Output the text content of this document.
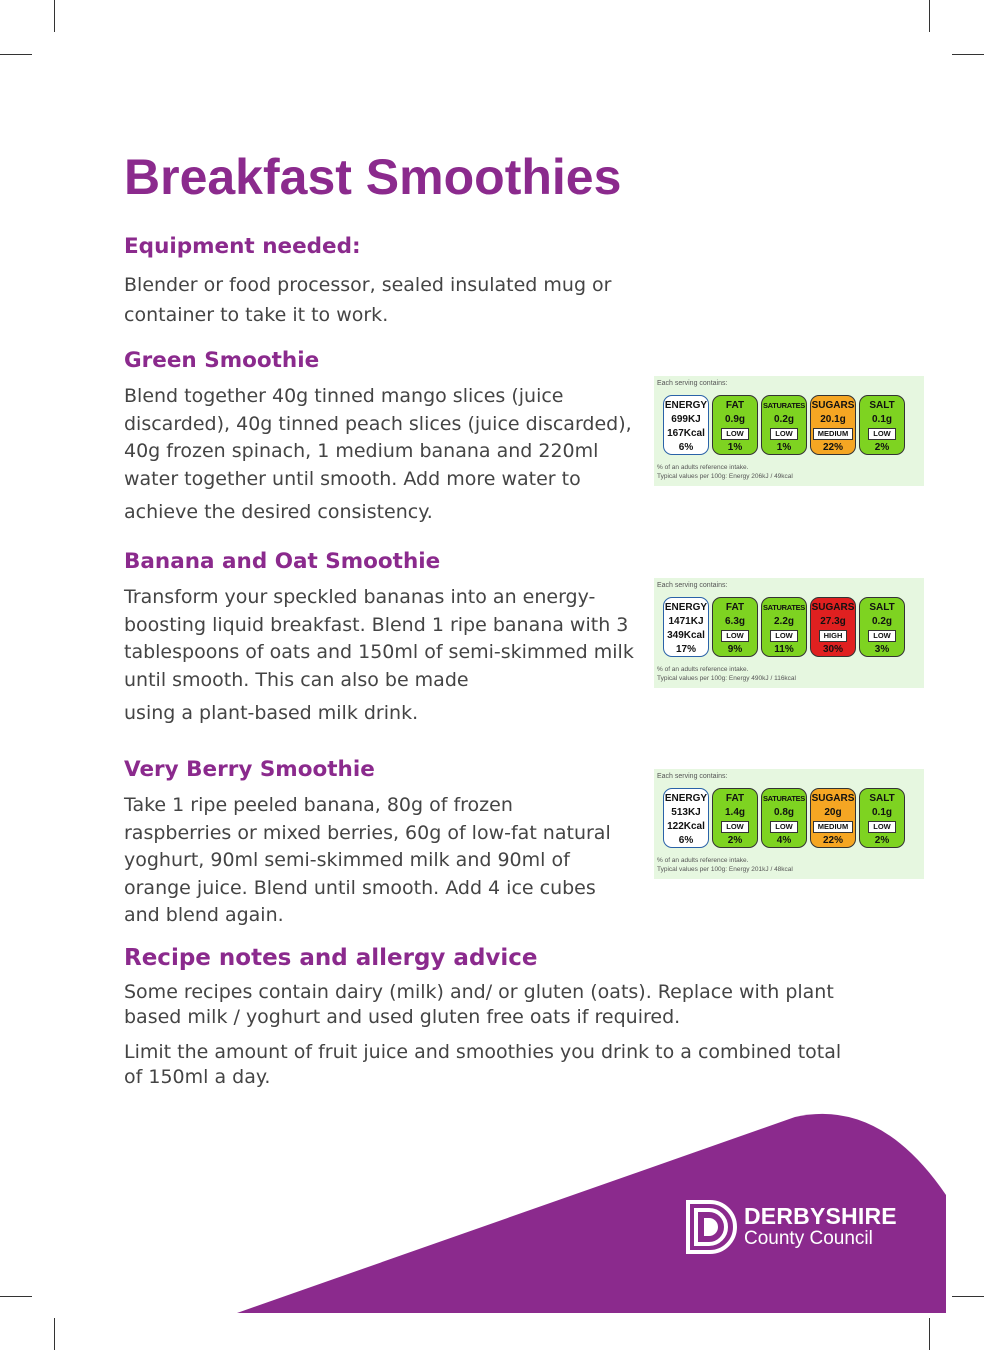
Breakfast Smoothies
Equipment needed:
Blender or food processor, sealed insulated mug or
container to take it to work.
Green Smoothie
Blend together 40g tinned mango slices (juice
discarded), 40g tinned peach slices (juice discarded),
40g frozen spinach, 1 medium banana and 220ml
water together until smooth. Add more water to
achieve the desired consistency.
Banana and Oat Smoothie
Transform your speckled bananas into an energy-
boosting liquid breakfast. Blend 1 ripe banana with 3
tablespoons of oats and 150ml of semi-skimmed milk
until smooth. This can also be made
using a plant-based milk drink.
Very Berry Smoothie
Take 1 ripe peeled banana, 80g of frozen
raspberries or mixed berries, 60g of low-fat natural
yoghurt, 90ml semi-skimmed milk and 90ml of
orange juice. Blend until smooth. Add 4 ice cubes
and blend again.
Recipe notes and allergy advice
Some recipes contain dairy (milk) and/ or gluten (oats). Replace with plant
based milk / yoghurt and used gluten free oats if required.
Limit the amount of fruit juice and smoothies you drink to a combined total
of 150ml a day.
Each serving contains:
ENERGY
699KJ
167Kcal
6%
FAT
0.9g
LOW
1%
SATURATES
0.2g
LOW
1%
SUGARS
20.1g
MEDIUM
22%
SALT
0.1g
LOW
2%
% of an adults reference intake.
Typical values per 100g: Energy 206kJ / 49kcal
Each serving contains:
ENERGY
1471KJ
349Kcal
17%
FAT
6.3g
LOW
9%
SATURATES
2.2g
LOW
11%
SUGARS
27.3g
HIGH
30%
SALT
0.2g
LOW
3%
% of an adults reference intake.
Typical values per 100g: Energy 490kJ / 116kcal
Each serving contains:
ENERGY
513KJ
122Kcal
6%
FAT
1.4g
LOW
2%
SATURATES
0.8g
LOW
4%
SUGARS
20g
MEDIUM
22%
SALT
0.1g
LOW
2%
% of an adults reference intake.
Typical values per 100g: Energy 201kJ / 48kcal
DERBYSHIRE
County Council
